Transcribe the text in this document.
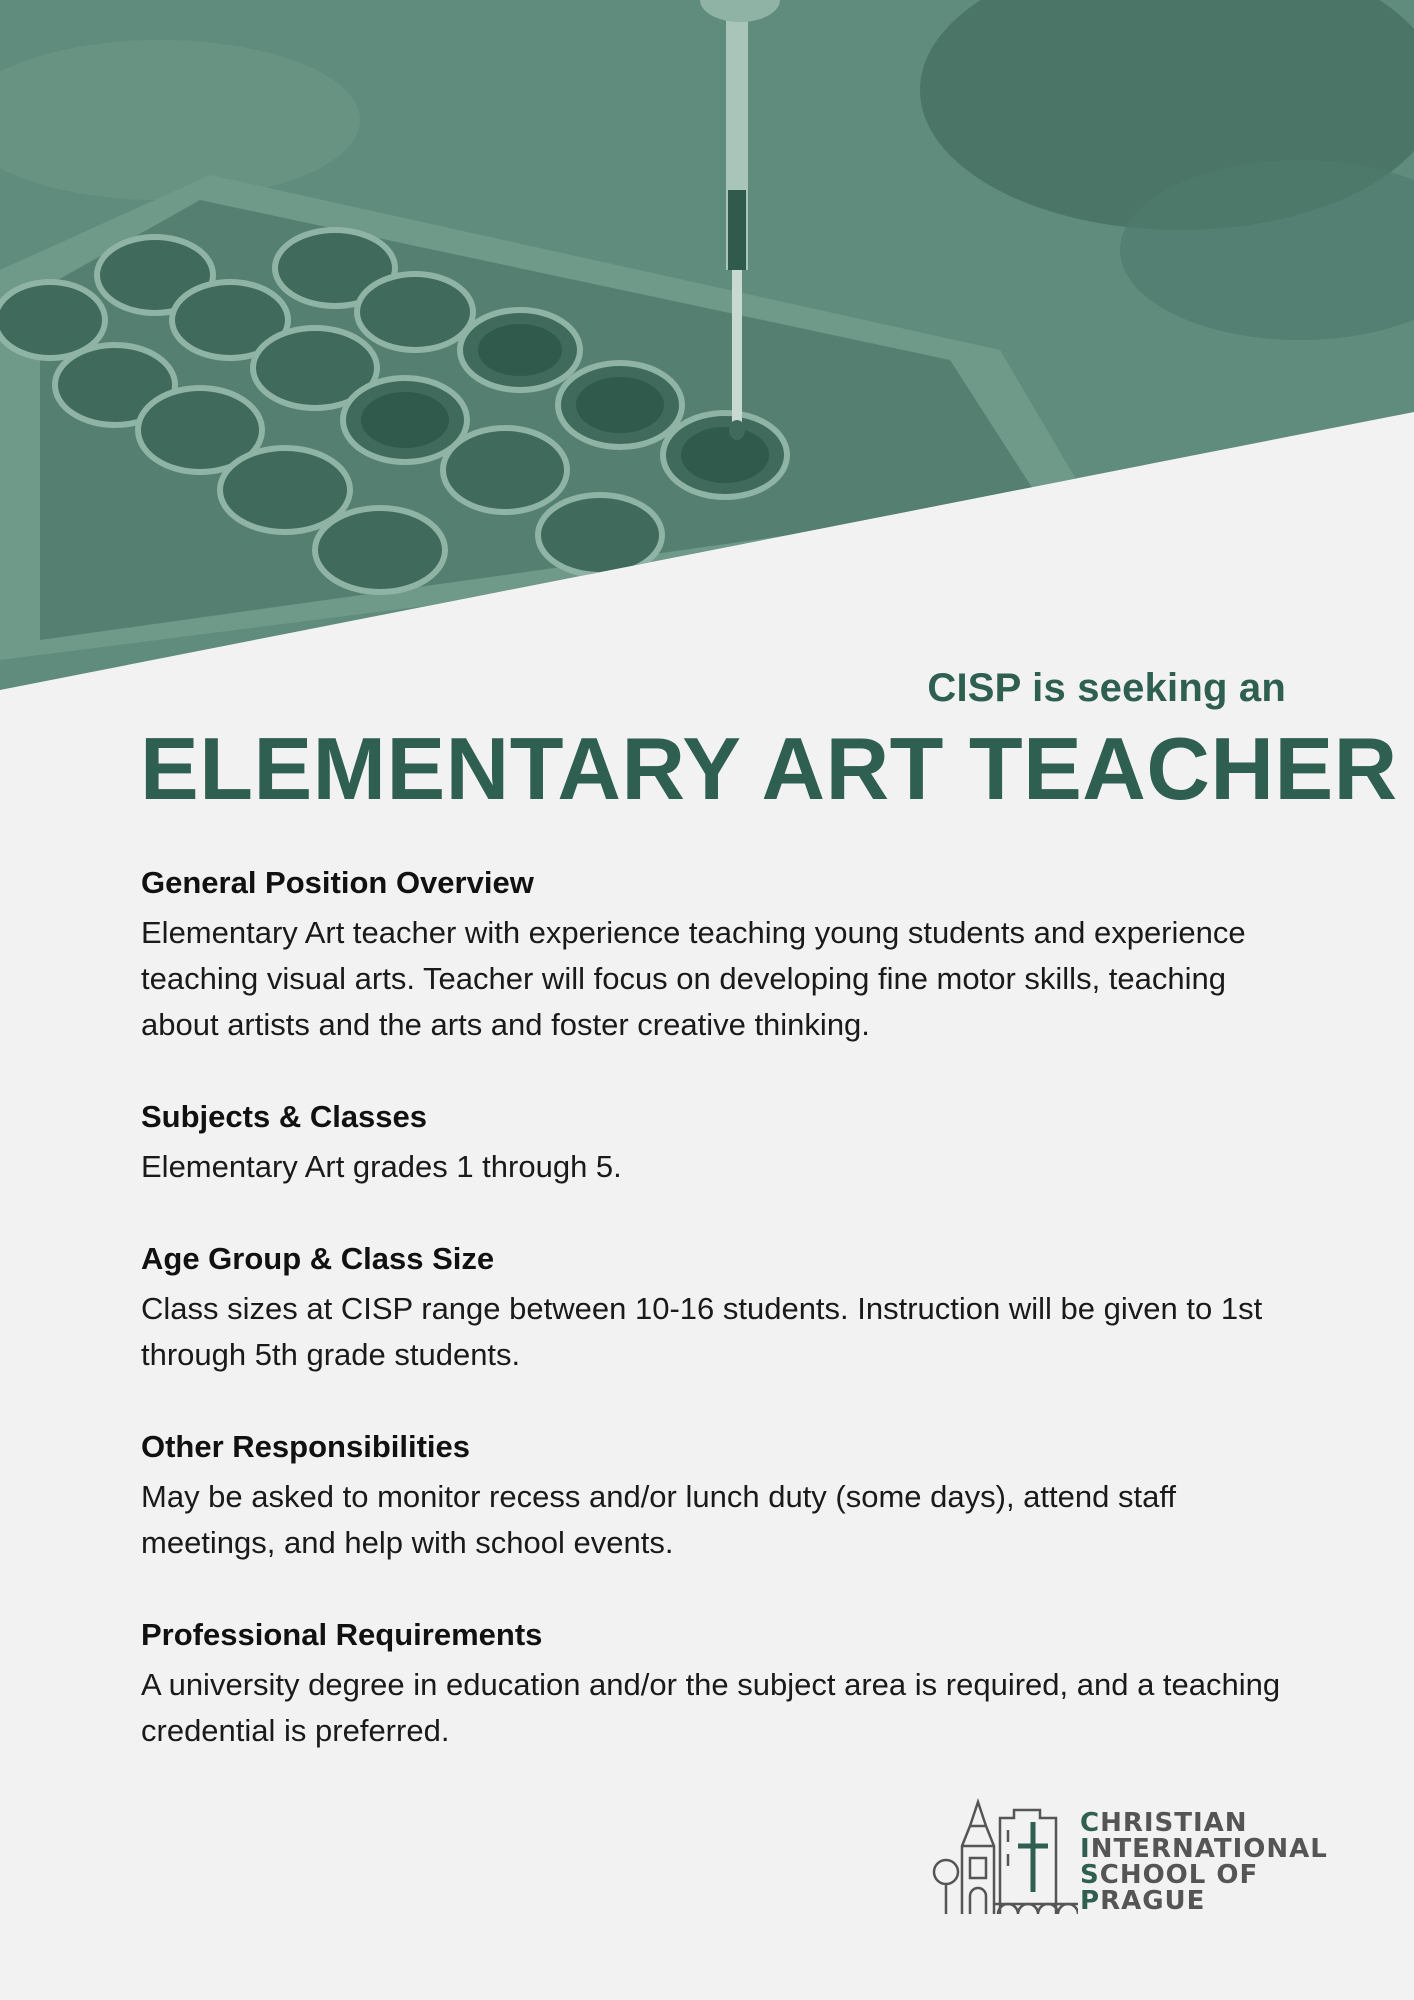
CISP is seeking an
ELEMENTARY ART TEACHER
General Position Overview

Elementary Art teacher with experience teaching young students and experience teaching visual arts. Teacher will focus on developing fine motor skills, teaching about artists and the arts and foster creative thinking.

Subjects & Classes

Elementary Art grades 1 through 5.

Age Group & Class Size

Class sizes at CISP range between 10-16 students. Instruction will be given to 1st through 5th grade students.

Other Responsibilities

May be asked to monitor recess and/or lunch duty (some days), attend staff meetings, and help with school events.

Professional Requirements

A university degree in education and/or the subject area is required, and a teaching credential is preferred.

CHRISTIAN
INTERNATIONAL
SCHOOL OF
PRAGUE
